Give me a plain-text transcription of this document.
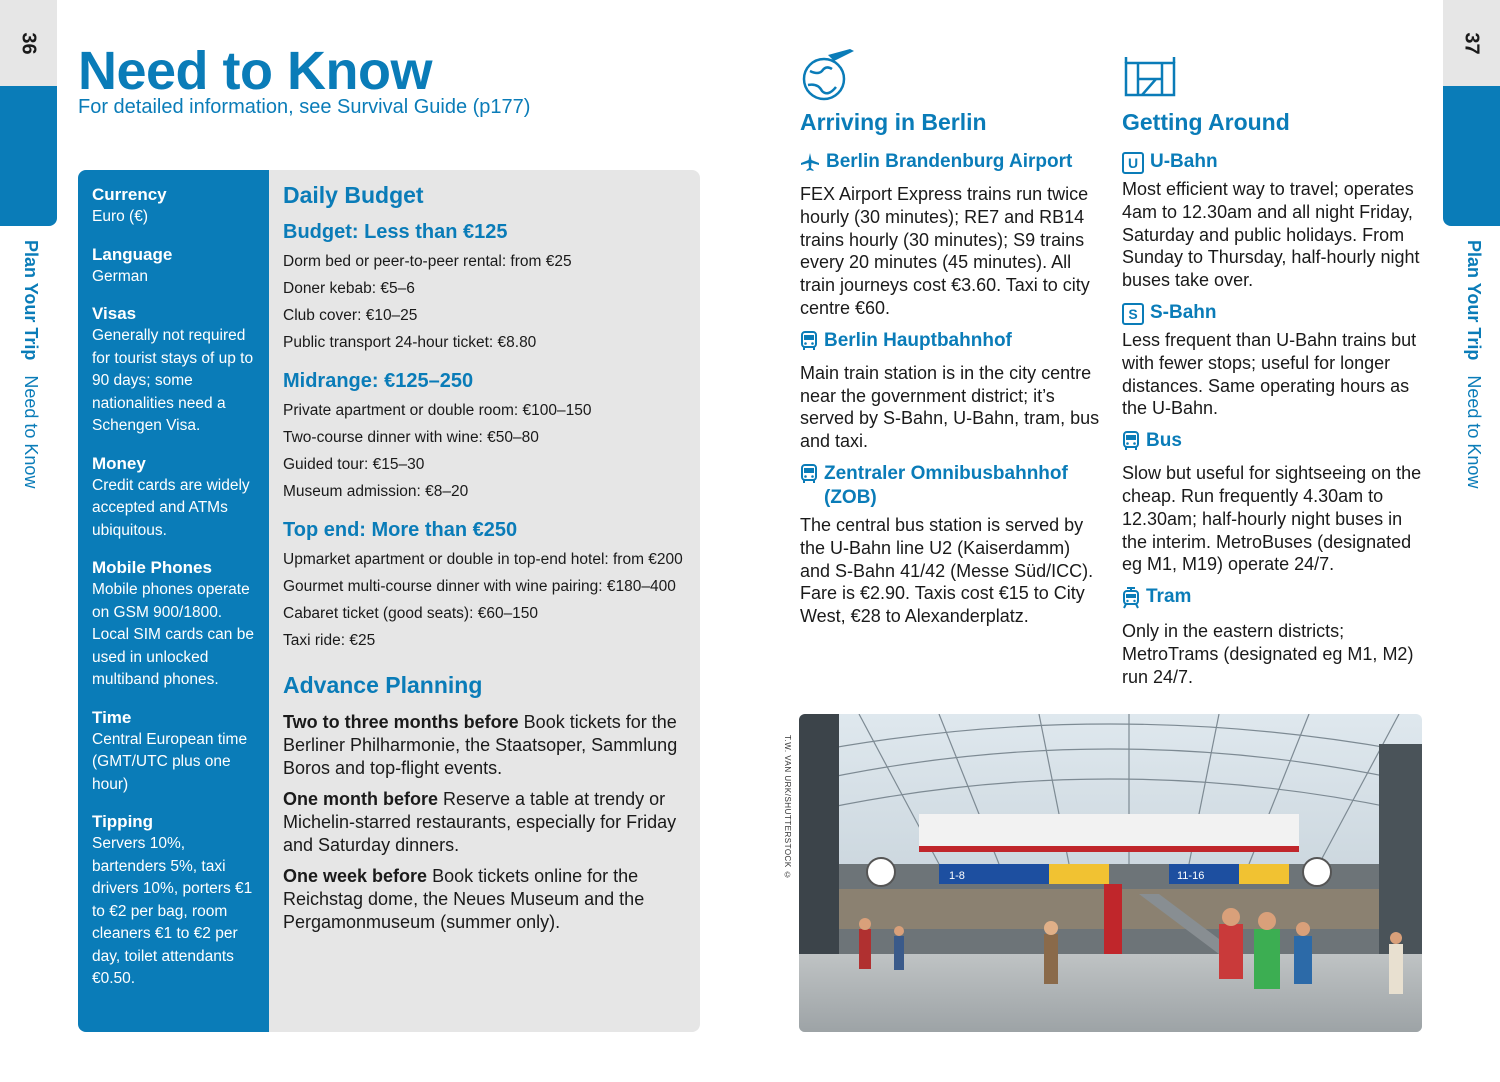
36
Plan Your Trip Need to Know
37
Plan Your Trip Need to Know
Need to Know
For detailed information, see Survival Guide (p177)
Currency
Euro (€)
Language
German
Visas
Generally not required for tourist stays of up to 90 days; some nationalities need a Schengen Visa.
Money
Credit cards are widely accepted and ATMs ubiquitous.
Mobile Phones
Mobile phones operate on GSM 900/1800. Local SIM cards can be used in unlocked multiband phones.
Time
Central European time (GMT/UTC plus one hour)
Tipping
Servers 10%, bartenders 5%, taxi drivers 10%, porters €1 to €2 per bag, room cleaners €1 to €2 per day, toilet attendants €0.50.
Daily Budget
Budget: Less than €125
Dorm bed or peer-to-peer rental: from €25
Doner kebab: €5–6
Club cover: €10–25
Public transport 24-hour ticket: €8.80
Midrange: €125–250
Private apartment or double room: €100–150
Two-course dinner with wine: €50–80
Guided tour: €15–30
Museum admission: €8–20
Top end: More than €250
Upmarket apartment or double in top-end hotel: from €200
Gourmet multi-course dinner with wine pairing: €180–400
Cabaret ticket (good seats): €60–150
Taxi ride: €25
Advance Planning

Two to three months before Book tickets for the Berliner Philharmonie, the Staatsoper, Sammlung Boros and top-flight events.

One month before Reserve a table at trendy or Michelin-starred restaurants, especially for Friday and Saturday dinners.

One week before Book tickets online for the Reichstag dome, the Neues Museum and the Pergamonmuseum (summer only).

Arriving in Berlin
Berlin Brandenburg Airport

FEX Airport Express trains run twice hourly (30 minutes); RE7 and RB14 trains hourly (30 minutes); S9 trains every 20 minutes (45 minutes). All train journeys cost €3.60. Taxi to city centre €60.

Berlin Hauptbahnhof

Main train station is in the city centre near the government district; it’s served by S-Bahn, U-Bahn, tram, bus and taxi.

Zentraler Omnibusbahnhof (ZOB)

The central bus station is served by the U-Bahn line U2 (Kaiserdamm) and S-Bahn 41/42 (Messe Süd/ICC). Fare is €2.90. Taxis cost €15 to City West, €28 to Alexanderplatz.

Getting Around
U U-Bahn

Most efficient way to travel; operates 4am to 12.30am and all night Friday, Saturday and public holidays. From Sunday to Thursday, half-hourly night buses take over.

S S-Bahn

Less frequent than U-Bahn trains but with fewer stops; useful for longer distances. Same operating hours as the U-Bahn.

Bus

Slow but useful for sightseeing on the cheap. Run frequently 4.30am to 12.30am; half-hourly night buses in the interim. MetroBuses (designated eg M1, M19) operate 24/7.

Tram

Only in the eastern districts; MetroTrams (designated eg M1, M2) run 24/7.

T.W. VAN URK/SHUTTERSTOCK ©	1-8	11-16
